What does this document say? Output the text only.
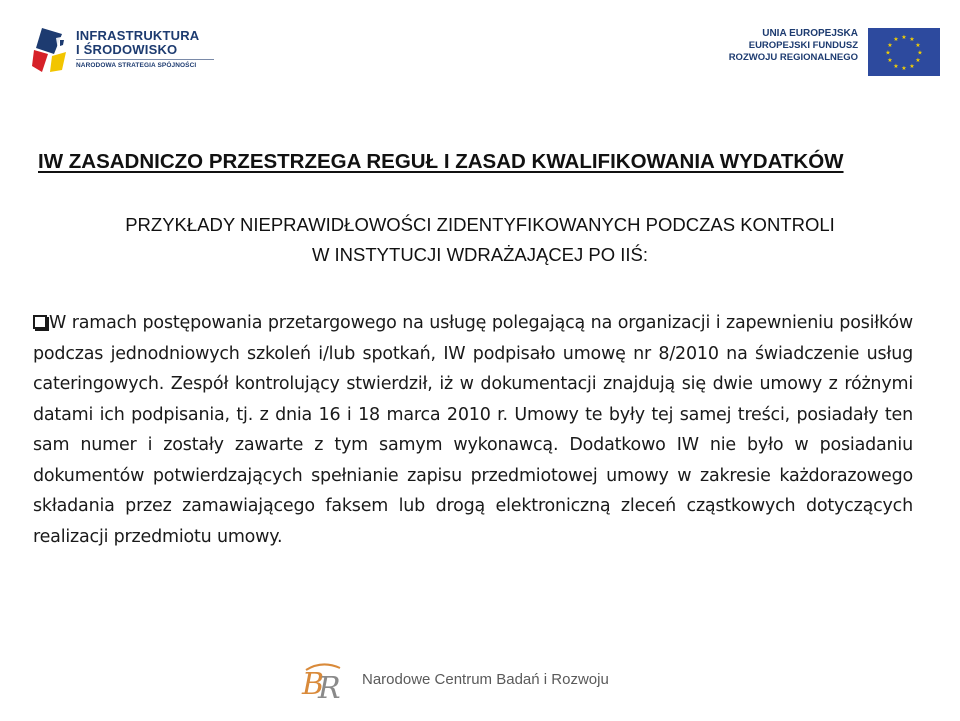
INFRASTRUKTURA
I ŚRODOWISKO
NARODOWA STRATEGIA SPÓJNOŚCI
UNIA EUROPEJSKA
EUROPEJSKI FUNDUSZ
ROZWOJU REGIONALNEGO
★ ★
★
★
★
★
★
★
★
★
★
★
IW ZASADNICZO PRZESTRZEGA REGUŁ I ZASAD KWALIFIKOWANIA WYDATKÓW
PRZYKŁADY NIEPRAWIDŁOWOŚCI ZIDENTYFIKOWANYCH PODCZAS KONTROLI
W INSTYTUCJI WDRAŻAJĄCEJ PO IIŚ:
W ramach postępowania przetargowego na usługę polegającą na organizacji i zapewnieniu posiłków podczas jednodniowych szkoleń i/lub spotkań, IW podpisało umowę nr 8/2010 na świadczenie usług cateringowych. Zespół kontrolujący stwierdził, iż w dokumentacji znajdują się dwie umowy z różnymi datami ich podpisania, tj. z dnia 16 i 18 marca 2010 r. Umowy te były tej samej treści, posiadały ten sam numer i zostały zawarte z tym samym wykonawcą. Dodatkowo IW nie było w posiadaniu dokumentów potwierdzających spełnianie zapisu przedmiotowej umowy w zakresie każdorazowego składania przez zamawiającego faksem lub drogą elektroniczną zleceń cząstkowych dotyczących realizacji przedmiotu umowy.
B
R Narodowe Centrum Badań i Rozwoju
